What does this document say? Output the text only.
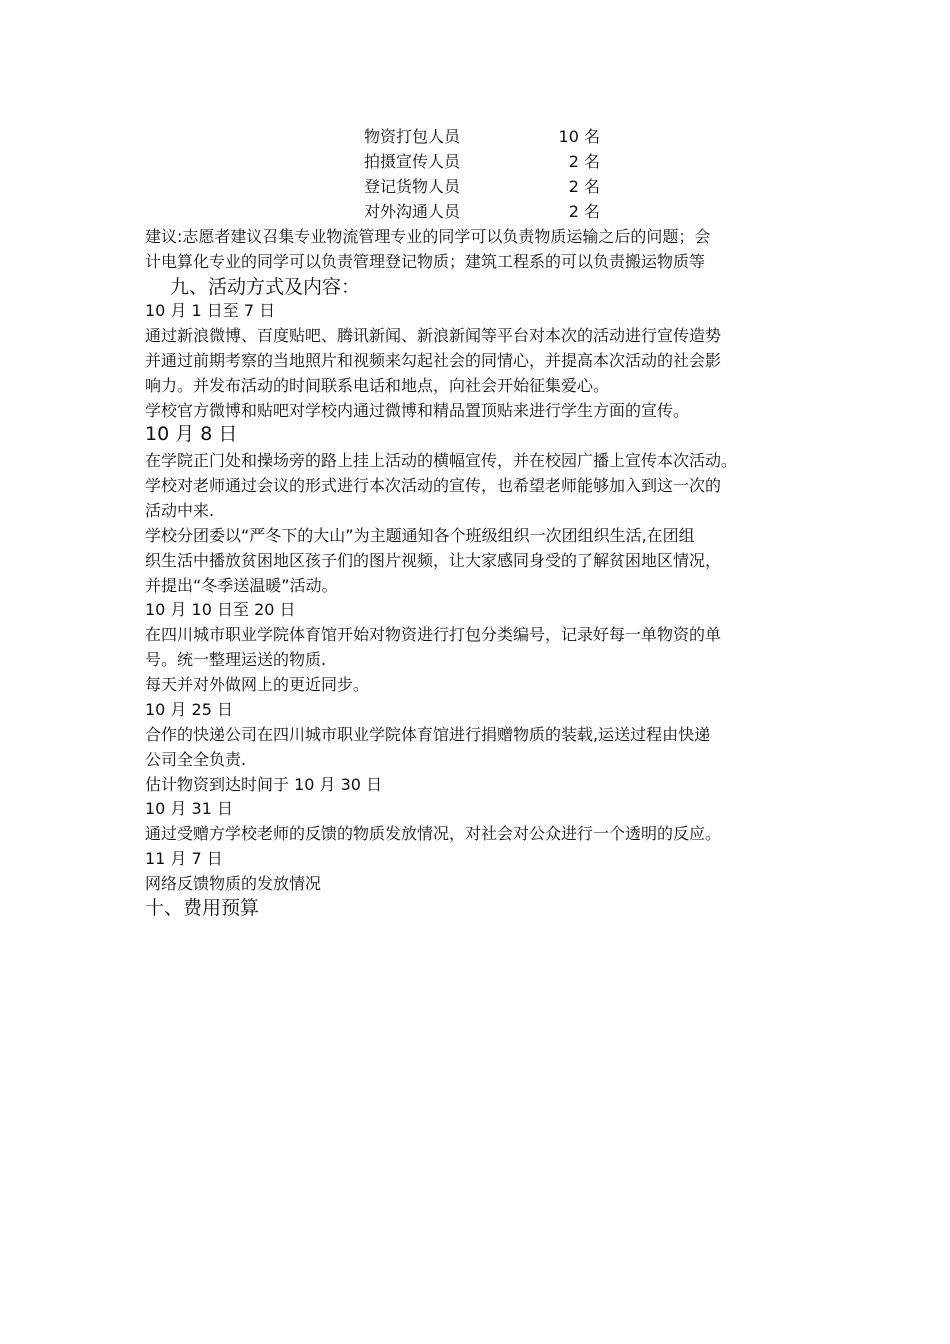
物资打包人员	10 名
拍摄宣传人员	2 名
登记货物人员	2 名
对外沟通人员	2 名
建议:志愿者建议召集专业物流管理专业的同学可以负责物质运输之后的问题；会
计电算化专业的同学可以负责管理登记物质；建筑工程系的可以负责搬运物质等
九、活动方式及内容：
10 月 1 日至 7 日
通过新浪微博、百度贴吧、腾讯新闻、新浪新闻等平台对本次的活动进行宣传造势
并通过前期考察的当地照片和视频来勾起社会的同情心，并提高本次活动的社会影
响力。并发布活动的时间联系电话和地点，向社会开始征集爱心。
学校官方微博和贴吧对学校内通过微博和精品置顶贴来进行学生方面的宣传。
10 月 8 日
在学院正门处和操场旁的路上挂上活动的横幅宣传，并在校园广播上宣传本次活动。
学校对老师通过会议的形式进行本次活动的宣传，也希望老师能够加入到这一次的
活动中来.
学校分团委以“严冬下的大山”为主题通知各个班级组织一次团组织生活,在团组
织生活中播放贫困地区孩子们的图片视频，让大家感同身受的了解贫困地区情况，
并提出“冬季送温暖”活动。
10 月 10 日至 20 日
在四川城市职业学院体育馆开始对物资进行打包分类编号，记录好每一单物资的单
号。统一整理运送的物质.
每天并对外做网上的更近同步。
10 月 25 日
合作的快递公司在四川城市职业学院体育馆进行捐赠物质的装载,运送过程由快递
公司全全负责.
估计物资到达时间于 10 月 30 日
10 月 31 日
通过受赠方学校老师的反馈的物质发放情况，对社会对公众进行一个透明的反应。
11 月 7 日
网络反馈物质的发放情况
十、费用预算
